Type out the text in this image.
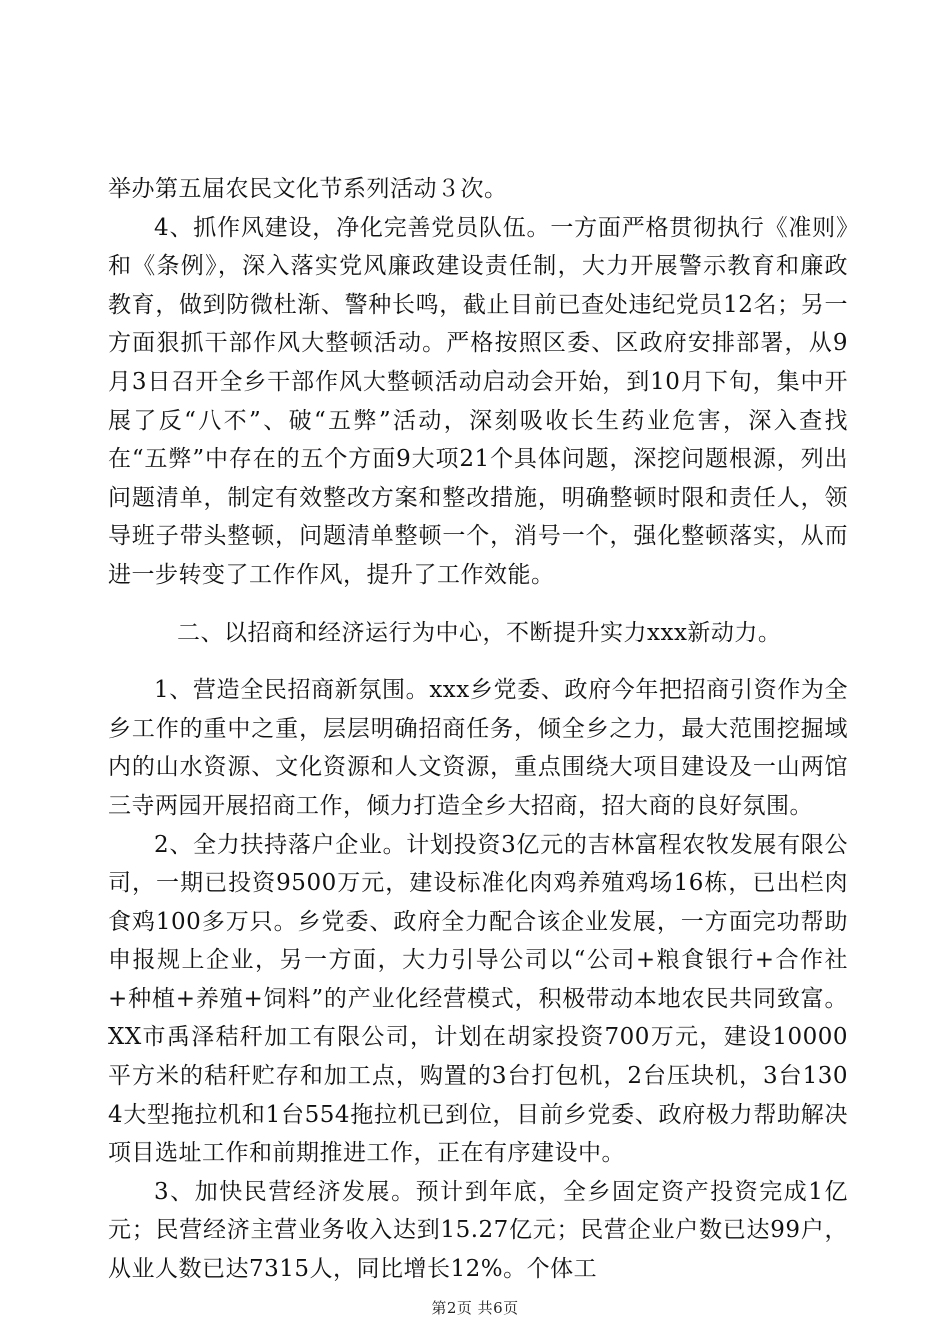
举办第五届农民文化节系列活动３次。

4、抓作风建设，净化完善党员队伍。一方面严格贯彻执行《准则》和《条例》，深入落实党风廉政建设责任制，大力开展警示教育和廉政教育，做到防微杜渐、警种长鸣，截止目前已查处违纪党员12名；另一方面狠抓干部作风大整顿活动。严格按照区委、区政府安排部署，从9月3日召开全乡干部作风大整顿活动启动会开始，到10月下旬，集中开展了反“八不”、破“五弊”活动，深刻吸收长生药业危害，深入查找在“五弊”中存在的五个方面9大项21个具体问题，深挖问题根源，列出问题清单，制定有效整改方案和整改措施，明确整顿时限和责任人，领导班子带头整顿，问题清单整顿一个，消号一个，强化整顿落实，从而进一步转变了工作作风，提升了工作效能。

二、以招商和经济运行为中心，不断提升实力xxx新动力。

1、营造全民招商新氛围。xxx乡党委、政府今年把招商引资作为全乡工作的重中之重，层层明确招商任务，倾全乡之力，最大范围挖掘域内的山水资源、文化资源和人文资源，重点围绕大项目建设及一山两馆三寺两园开展招商工作，倾力打造全乡大招商，招大商的良好氛围。

2、全力扶持落户企业。计划投资3亿元的吉林富程农牧发展有限公司，一期已投资9500万元，建设标准化肉鸡养殖鸡场16栋，已出栏肉食鸡100多万只。乡党委、政府全力配合该企业发展，一方面完功帮助申报规上企业，另一方面，大力引导公司以“公司+粮食银行+合作社+种植+养殖+饲料”的产业化经营模式，积极带动本地农民共同致富。XX市禹泽秸秆加工有限公司，计划在胡家投资700万元，建设10000平方米的秸秆贮存和加工点，购置的3台打包机，2台压块机，3台1304大型拖拉机和1台554拖拉机已到位，目前乡党委、政府极力帮助解决项目选址工作和前期推进工作，正在有序建设中。

3、加快民营经济发展。预计到年底，全乡固定资产投资完成1亿元；民营经济主营业务收入达到15.27亿元；民营企业户数已达99户，从业人数已达7315人，同比增长12%。个体工

第2页 共6页
